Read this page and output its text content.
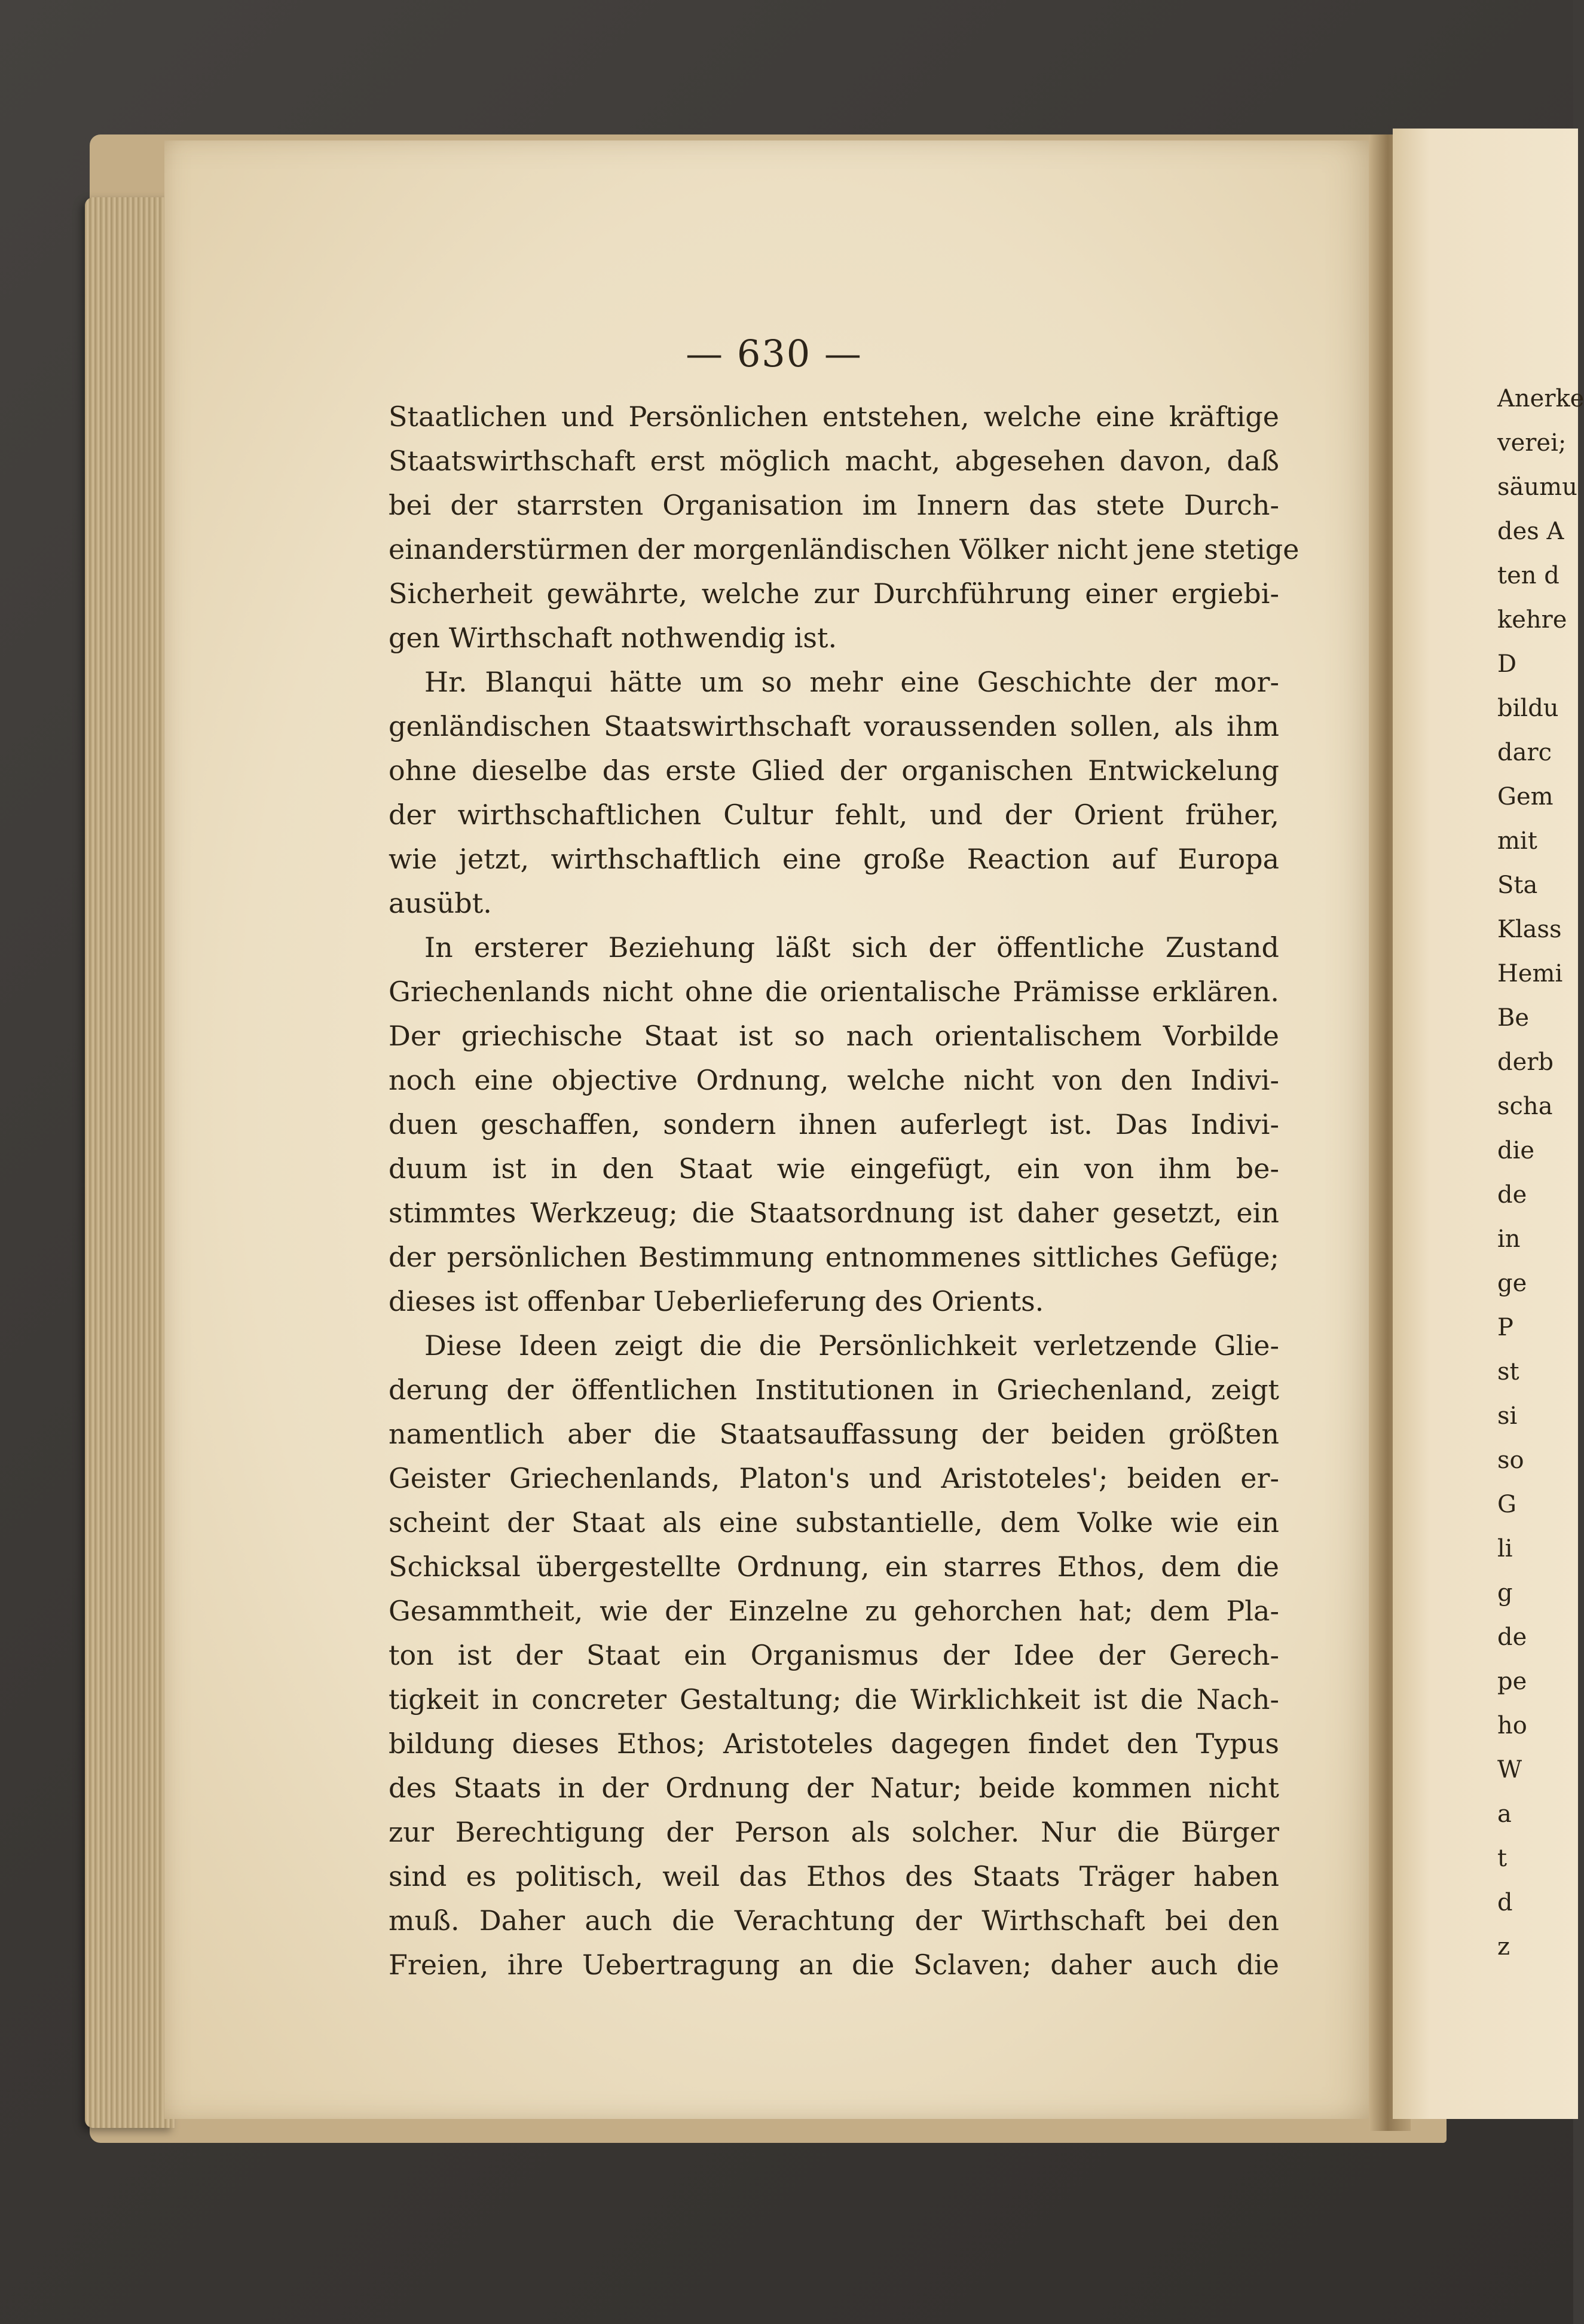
— 630 —
Staatlichen und Persönlichen entstehen, welche eine kräftige
Staatswirthschaft erst möglich macht, abgesehen davon, daß
bei der starrsten Organisation im Innern das stete Durch-
einanderstürmen der morgenländischen Völker nicht jene stetige
Sicherheit gewährte, welche zur Durchführung einer ergiebi-
gen Wirthschaft nothwendig ist.
Hr. Blanqui hätte um so mehr eine Geschichte der mor-
genländischen Staatswirthschaft voraussenden sollen, als ihm
ohne dieselbe das erste Glied der organischen Entwickelung
der wirthschaftlichen Cultur fehlt, und der Orient früher,
wie jetzt, wirthschaftlich eine große Reaction auf Europa
ausübt.
In ersterer Beziehung läßt sich der öffentliche Zustand
Griechenlands nicht ohne die orientalische Prämisse erklären.
Der griechische Staat ist so nach orientalischem Vorbilde
noch eine objective Ordnung, welche nicht von den Indivi-
duen geschaffen, sondern ihnen auferlegt ist. Das Indivi-
duum ist in den Staat wie eingefügt, ein von ihm be-
stimmtes Werkzeug; die Staatsordnung ist daher gesetzt, ein
der persönlichen Bestimmung entnommenes sittliches Gefüge;
dieses ist offenbar Ueberlieferung des Orients.
Diese Ideen zeigt die die Persönlichkeit verletzende Glie-
derung der öffentlichen Institutionen in Griechenland, zeigt
namentlich aber die Staatsauffassung der beiden größten
Geister Griechenlands, Platon's und Aristoteles'; beiden er-
scheint der Staat als eine substantielle, dem Volke wie ein
Schicksal übergestellte Ordnung, ein starres Ethos, dem die
Gesammtheit, wie der Einzelne zu gehorchen hat; dem Pla-
ton ist der Staat ein Organismus der Idee der Gerech-
tigkeit in concreter Gestaltung; die Wirklichkeit ist die Nach-
bildung dieses Ethos; Aristoteles dagegen findet den Typus
des Staats in der Ordnung der Natur; beide kommen nicht
zur Berechtigung der Person als solcher. Nur die Bürger
sind es politisch, weil das Ethos des Staats Träger haben
muß. Daher auch die Verachtung der Wirthschaft bei den
Freien, ihre Uebertragung an die Sclaven; daher auch die
Anerke
verei;
säumu
des A
ten d
kehre
D
bildu
darc
Gem
mit
Sta
Klass
Hemi
Be
derb
scha
die
de
in
ge
P
st
si
so
G
li
g
de
pe
ho
W
a
t
d
z
